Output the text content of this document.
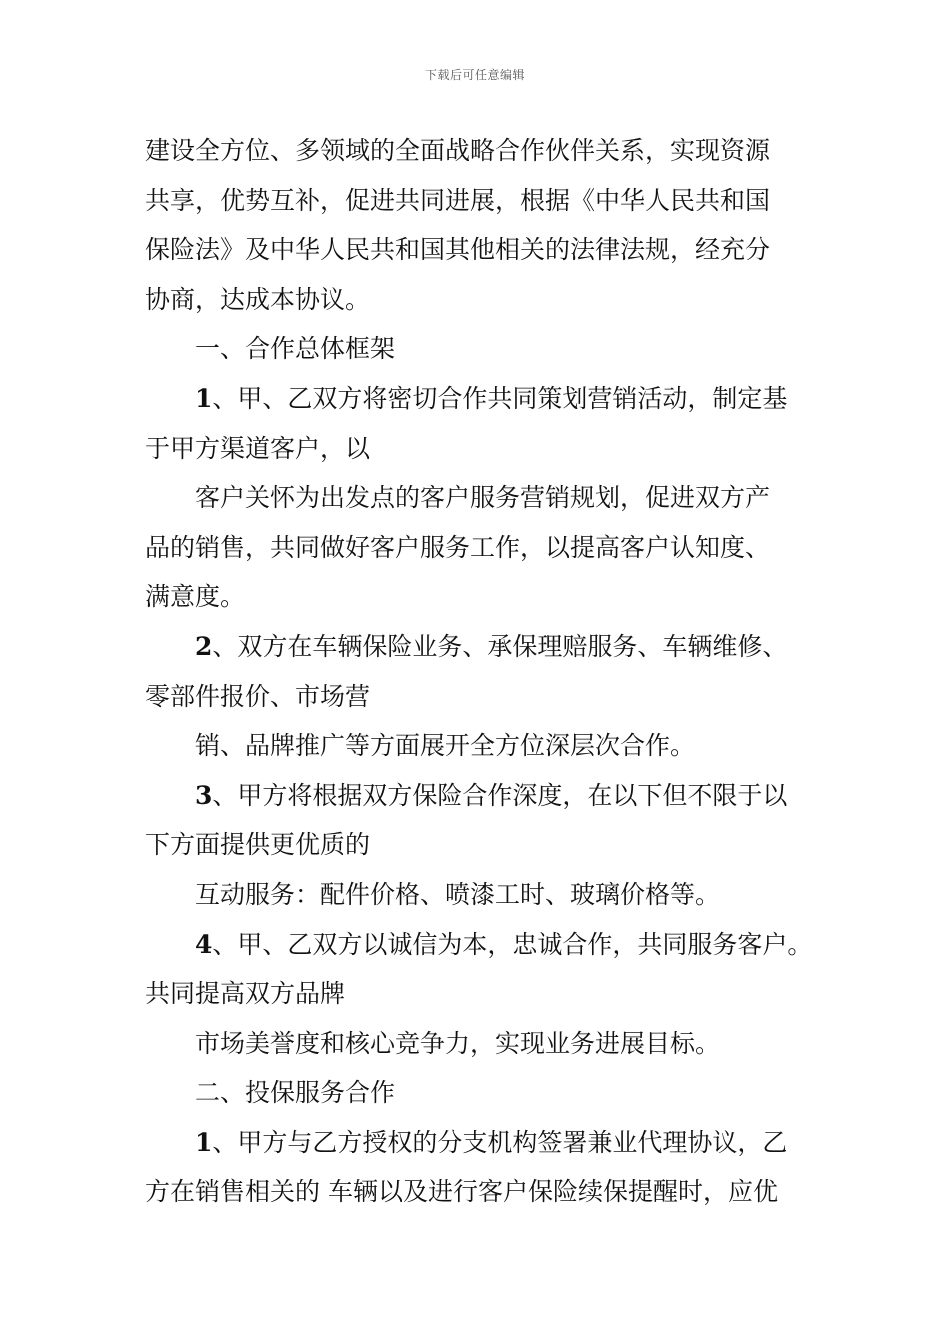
下载后可任意编辑
建设全方位、多领域的全面战略合作伙伴关系，实现资源
共享，优势互补，促进共同进展，根据《中华人民共和国
保险法》及中华人民共和国其他相关的法律法规，经充分
协商，达成本协议。
一、合作总体框架
1、甲、乙双方将密切合作共同策划营销活动，制定基
于甲方渠道客户，以
客户关怀为出发点的客户服务营销规划，促进双方产
品的销售，共同做好客户服务工作，以提高客户认知度、
满意度。
2、双方在车辆保险业务、承保理赔服务、车辆维修、
零部件报价、市场营
销、品牌推广等方面展开全方位深层次合作。
3、甲方将根据双方保险合作深度，在以下但不限于以
下方面提供更优质的
互动服务：配件价格、喷漆工时、玻璃价格等。
4、甲、乙双方以诚信为本，忠诚合作，共同服务客户。
共同提高双方品牌
市场美誉度和核心竞争力，实现业务进展目标。
二、投保服务合作
1、甲方与乙方授权的分支机构签署兼业代理协议，乙
方在销售相关的 车辆以及进行客户保险续保提醒时，应优
